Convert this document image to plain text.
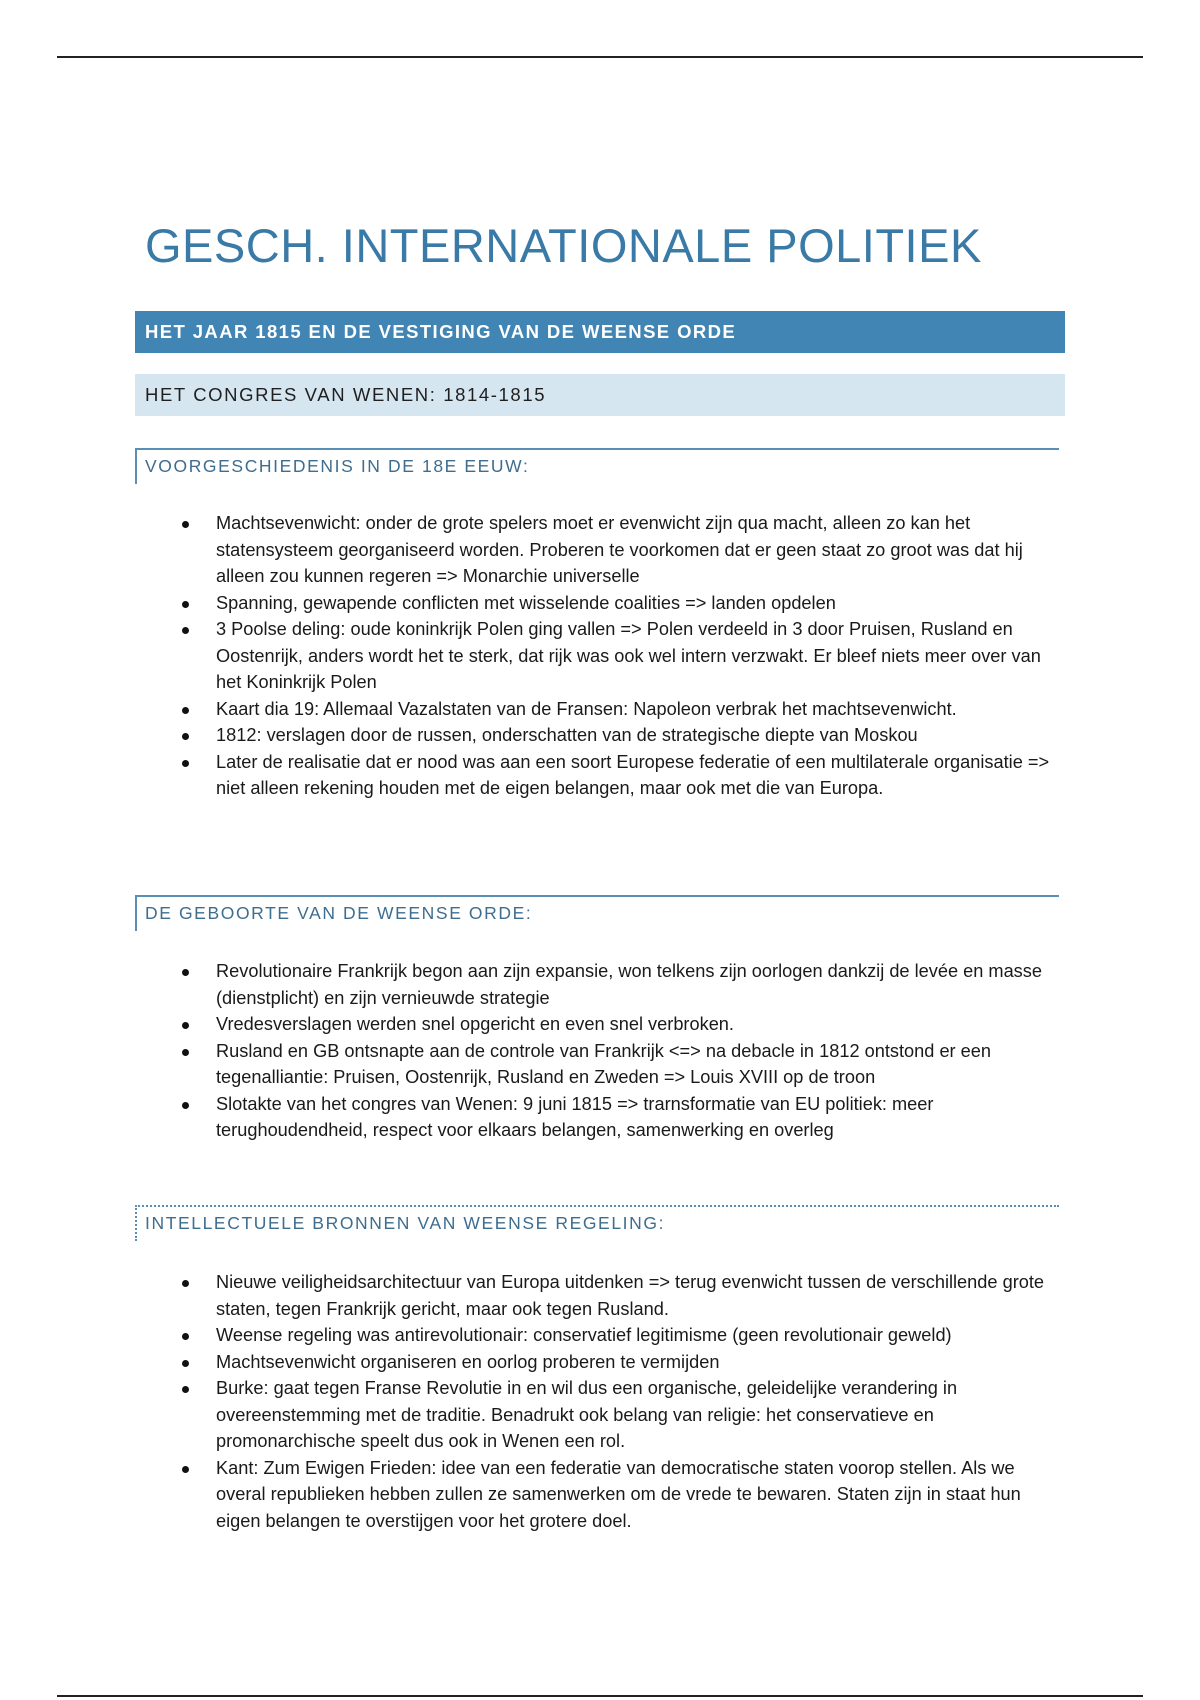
GESCH. INTERNATIONALE POLITIEK
HET JAAR 1815 EN DE VESTIGING VAN DE WEENSE ORDE
HET CONGRES VAN WENEN: 1814-1815
VOORGESCHIEDENIS IN DE 18E EEUW:
Machtsevenwicht: onder de grote spelers moet er evenwicht zijn qua macht, alleen zo kan het statensysteem georganiseerd worden. Proberen te voorkomen dat er geen staat zo groot was dat hij alleen zou kunnen regeren => Monarchie universelle
Spanning, gewapende conflicten met wisselende coalities => landen opdelen
3 Poolse deling: oude koninkrijk Polen ging vallen => Polen verdeeld in 3 door Pruisen, Rusland en Oostenrijk, anders wordt het te sterk, dat rijk was ook wel intern verzwakt. Er bleef niets meer over van het Koninkrijk Polen
Kaart dia 19: Allemaal Vazalstaten van de Fransen: Napoleon verbrak het machtsevenwicht.
1812: verslagen door de russen, onderschatten van de strategische diepte van Moskou
Later de realisatie dat er nood was aan een soort Europese federatie of een multilaterale organisatie => niet alleen rekening houden met de eigen belangen, maar ook met die van Europa.
DE GEBOORTE VAN DE WEENSE ORDE:
Revolutionaire Frankrijk begon aan zijn expansie, won telkens zijn oorlogen dankzij de levée en masse (dienstplicht) en zijn vernieuwde strategie
Vredesverslagen werden snel opgericht en even snel verbroken.
Rusland en GB ontsnapte aan de controle van Frankrijk <=> na debacle in 1812 ontstond er een tegenalliantie: Pruisen, Oostenrijk, Rusland en Zweden => Louis XVIII op de troon
Slotakte van het congres van Wenen: 9 juni 1815 => trarnsformatie van EU politiek: meer terughoudendheid, respect voor elkaars belangen, samenwerking en overleg
INTELLECTUELE BRONNEN VAN WEENSE REGELING:
Nieuwe veiligheidsarchitectuur van Europa uitdenken => terug evenwicht tussen de verschillende grote staten, tegen Frankrijk gericht, maar ook tegen Rusland.
Weense regeling was antirevolutionair: conservatief legitimisme (geen revolutionair geweld)
Machtsevenwicht organiseren en oorlog proberen te vermijden
Burke: gaat tegen Franse Revolutie in en wil dus een organische, geleidelijke verandering in overeenstemming met de traditie. Benadrukt ook belang van religie: het conservatieve en promonarchische speelt dus ook in Wenen een rol.
Kant: Zum Ewigen Frieden: idee van een federatie van democratische staten voorop stellen. Als we overal republieken hebben zullen ze samenwerken om de vrede te bewaren. Staten zijn in staat hun eigen belangen te overstijgen voor het grotere doel.
